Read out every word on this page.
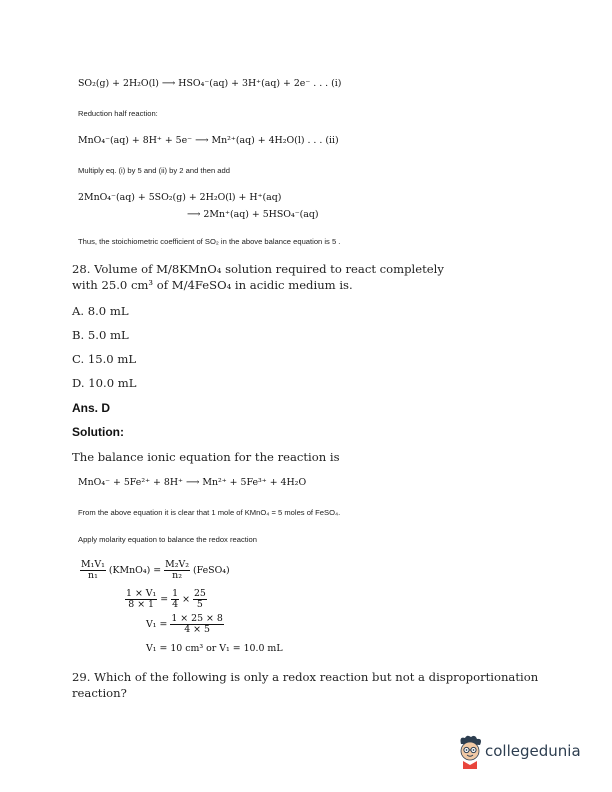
SO₂(g) + 2H₂O(l) ⟶ HSO₄⁻(aq) + 3H⁺(aq) + 2e⁻ . . . (i)
Reduction half reaction:
MnO₄⁻(aq) + 8H⁺ + 5e⁻ ⟶ Mn²⁺(aq) + 4H₂O(l) . . . (ii)
Multiply eq. (i) by 5 and (ii) by 2 and then add
2MnO₄⁻(aq) + 5SO₂(g) + 2H₂O(l) + H⁺(aq)
⟶ 2Mn⁺(aq) + 5HSO₄⁻(aq)
Thus, the stoichiometric coefficient of SO₂ in the above balance equation is 5 .
28. Volume of M/8KMnO₄ solution required to react completely
with 25.0 cm³ of M/4FeSO₄ in acidic medium is.
A. 8.0 mL
B. 5.0 mL
C. 15.0 mL
D. 10.0 mL
Ans. D
Solution:
The balance ionic equation for the reaction is
MnO₄⁻ + 5Fe²⁺ + 8H⁺ ⟶ Mn²⁺ + 5Fe³⁺ + 4H₂O
From the above equation it is clear that 1 mole of KMnO₄ = 5 moles of FeSO₄.
Apply molarity equation to balance the redox reaction
$\frac{\text{M₁V₁}}{\text{n₁}}$ (KMnO₄) = $\frac{\text{M₂V₂}}{\text{n₂}}$ (FeSO₄)
$\frac{\text{1 × V₁}}{8 \times 1} = \frac{1}{4} \times \frac{25}{5}$
$V_1 = \frac{1 \times 25 \times 8}{4 \times 5}$
V₁ = 10 cm³ or V₁ = 10.0 mL
29. Which of the following is only a redox reaction but not a disproportionation
reaction?
collegedunia
